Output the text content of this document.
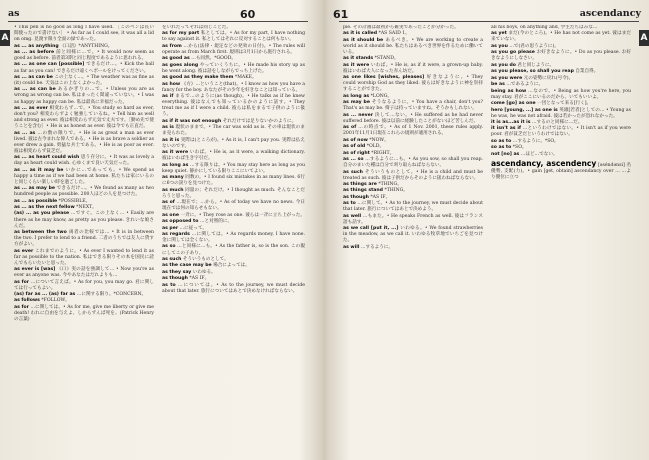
as	60
A
• This pen is no good as long I have used. ［このペンは長い間使ったので書けない］ • As far as I could see, it was all a lid on omg. 見渡す限り全面の緑であった。
as ... as anything 《口語》*ANYTHING。
as ... as before 前と同様に…で。• It would now seem as good as before. 前者第3期と同じ程度であるように思われる。
as ... as one can [possible] できるだけ…。• Kick the ball as far as you can! できるだけ遠くへボールをけってください。
as ... as can be この上なく…。• The weather was as fine as (it) could be. 天気はこの上なくよかった。
as ... as can be あるかぎりの…で。• Unless you are as wrong as wrong can be. 私はまったく間違っていない。• I was as happy as happy can be. 私は最高に幸福だった。
as ... as ever 相変わらず…で。• You study so hard as ever, don't you? 相変わらずよく勉強しているね。• Tell him as well and strong as ever. 彼は相変わらず元気で丈夫です。［勤め先で使うことを含む］• He is as honest as ever. 彼は今でも正直だ。
as ... as …の数の限りで。• He is as great a man as ever lived. 彼は古今まれな偉人である。• He is as brave a soldier as ever drew a gain. 勇猛な兵士である。• He is as poor as ever. 彼は相変わらず貧乏だ。
as ... as heart could wish 思う存分に。• It was as lovely a day as heart could wish. 心ゆくまで良い天気だった。
as ... as it may be いかに…であっても。• We spend as happy a time as if we had been at home. 私たちは家にいるのと同じくらい楽しい時を過ごした。
as ... as may be できるだけ…。• We found as many as two hundred people as possible. 200人ほどの人を見つけた。
as ... as possible *POSSIBLE。
as ... as the next fellow *NEXT。
(as) ... as you please …ですぐ。この上なく… • Easily are there as he may know, as pretty as you please. きれいな娘さんだ。
as between the two 両者の比較では… • It is in between the two. I prefer to lend to a friend. 二者のうちでは友人に貸す方がよい。
as ever これまでのように。• As ever I wanted to lend it as far as possible to the nation. 私はできる限りその本を国民に読んでもらいたいと思った。
as ever is [was] 《口》実の話を強調して… • Now you're as ever as anyone was. 今やあなたはだれよりも…
as for …について言えば。• As for you, you may go. 君に関しては行ってもよい。
(as) far as ... (as) far as …に関する限り。*CONCERN。
as follows *FOLLOW。
as for …に関しては。• As for me, give me liberty or give me death! われに自由を与えよ、しからずんば死を。(Patrick Henry の言葉)
をいれたってそれは同じことだ。
as for my part 私としては。• As for my part, I have nothing to say against it. 私としてはそれに反対することは何もない。
as from …から(法律・規定などの発効の日付)。• The rules will operate as from March first. 規則は3月1日から施行される。
as good as …も同然。*GOOD。
as goes along やっていくうちに。• He made his story up as he went along. 彼は話をしながらでっち上げた。
as good as they make them *MAKE。
as how 《方》…ということ(that)。• I know as how you have a fancy for the boy. あなたがその少年を好きなことは知っている。
as if まるで…のように(as though)。• He talks as if he knew everything. 彼はなんでも知っているかのように話す。• They treat me as if I were a child. 彼らは私をまるで子供のように扱う。
as if it was not enough それだけでは足りないかのように。
as is 現状のままで。• The car was sold as is. その車は現状のまま売られた。
as it is 実際は(ところが)。• As it is, I can't pay you. 実際は払えないのです。
as it were いわば。• He is, as it were, a walking dictionary. 彼はいわば生き字引だ。
as long as …する限りは。• You may stay here as long as you keep quiet. 静かにしている限りここにいてよい。
as many 同数の。• I found six mistakes in as many lines. 6行に6つの誤りを見つけた。
as much 同量の；それだけ。• I thought as much. そんなことだろうと思った。
as of …現在で；…から。• As of today we have no news. 今日現在では何の知らせもない。
as one 一斉に。• They rose as one. 彼らは一斉に立ち上がった。
as opposed to …と対照的に。
as per …に従って。
as regards …に関しては。• As regards money, I have none. 金に関しては全くない。
as so …と同様に…も。• As the father is, so is the son. この親にしてこの子あり。
as such そういうものとして。
as the case may be 場合によっては。
as they say いわゆる。
as though *AS IF。
as to …については。• As to the journey, we must decide about that later. 旅行についてはあとで決めなければならない。
61	ascendancy
A
pie. その計画は最初から確実であったことが分かった。
as it is called *AS SAID 1。
as it should be あるべき。• We are working to create a world as it should be. 私たちはあるべき世界を作るために働いている。
as it stands *STAND。
as it were いわば。• He is, as if it were, a grown-up baby. 彼はいわば大人になった赤ん坊だ。
as one likes [wishes, pleases] 好きなように。• They could worship God as they liked. 彼らは好きなように神を崇拝することができた。
as long as *LONG。
as may be そうなるように。• You have a chair, don't you? That's as may be. 椅子は持っていますね。そうかもしれない。
as ... never 決して…ない。• He suffered as he had never suffered before. 彼は以前に経験したことがないほど苦しんだ。
as of …の時点で。• As of 1 Nov. 2001, these rules apply. 2001年11月1日現在これらの規則が適用される。
as of now *NOW。
as of old *OLD。
as of right *RIGHT。
as ... so …するように…も。• As you sow, so shall you reap. 自分のまいた種は自分で刈り取らねばならない。
as such そういうものとして。• He is a child and must be treated as such. 彼は子供だからそのように扱わねばならない。
as things are *THING。
as things stand *THING。
as though *AS IF。
as to …に関して。• As to the journey, we must decide about that later. 旅行についてはあとで決めよう。
as well …もまた。• He speaks French as well. 彼はフランス語も話す。
as we call [put it, ...] いわゆる。• We found strawberries in the meadow, as we call it. いわゆる牧草地でいちごを見つけた。
as will …するように。
all his boys, on anything and, 学生たちはみな…
as yet まだ(今のところ)。• He has not come as yet. 彼はまだ来ていない。
as you …で(君の思うように)。
as you go please お好きなように。• Do as you please. お好きなようにしなさい。
as you do 君と同じように。
as you please, so shall you reap 自業自得。
as you were 元の姿勢に戻れ(号令)。
be as …であるように。
being as how …なので。• Being as how you're here, you may stay. 君がここにいるのだから、いてもいいよ。
come [go] as one 一団となって来る[行く]。
hero [young, ...] as one is 英雄[若者]としての… • Young as he was, he was not afraid. 彼は若かったが恐れなかった。
it is as...as it is …するのと同様に…だ。
it isn't as if …というわけではない。• It isn't as if you were poor. 君が貧乏だというわけではない。
so as to …するように。*SO。
so as to *SO。
not [no] as …ほど…でない。
ascendancy, ascendency [əséndənsi] 名 優勢, 支配(力)。• gain [get, obtain] ascendancy over … …より優位に立つ
